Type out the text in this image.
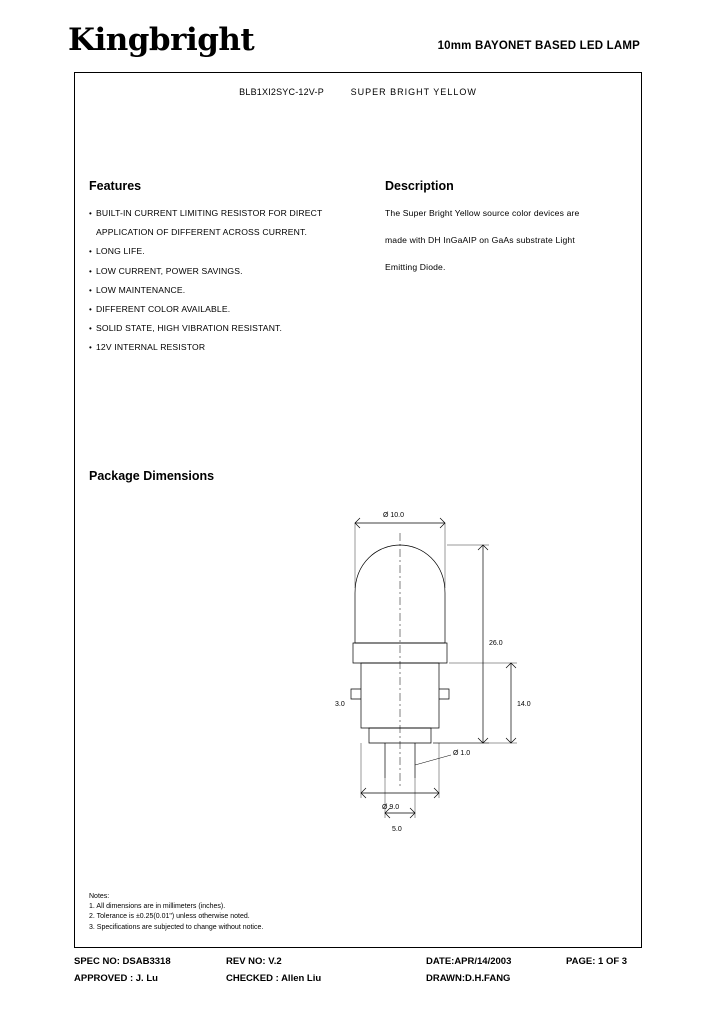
Kingbright	10mm BAYONET BASED LED LAMP
BLB1XI2SYC-12V-P	SUPER BRIGHT YELLOW
Features
• BUILT-IN CURRENT LIMITING RESISTOR FOR DIRECT
APPLICATION OF DIFFERENT ACROSS CURRENT.
• LONG LIFE.
• LOW CURRENT, POWER SAVINGS.
• LOW MAINTENANCE.
• DIFFERENT COLOR AVAILABLE.
• SOLID STATE, HIGH VIBRATION RESISTANT.
• 12V INTERNAL RESISTOR
Description

The Super Bright Yellow source color devices are

made with DH InGaAIP on GaAs substrate Light

Emitting Diode.

Package Dimensions
Ø 10.0
Ø 9.0
26.0
14.0
5.0
Ø 1.0
3.0
Notes:
1. All dimensions are in millimeters (inches).
2. Tolerance is ±0.25(0.01") unless otherwise noted.
3. Specifications are subjected to change without notice.
SPEC NO: DSAB3318	REV NO: V.2	DATE:APR/14/2003	PAGE: 1 OF 3
APPROVED : J. Lu	CHECKED : Allen Liu	DRAWN:D.H.FANG
